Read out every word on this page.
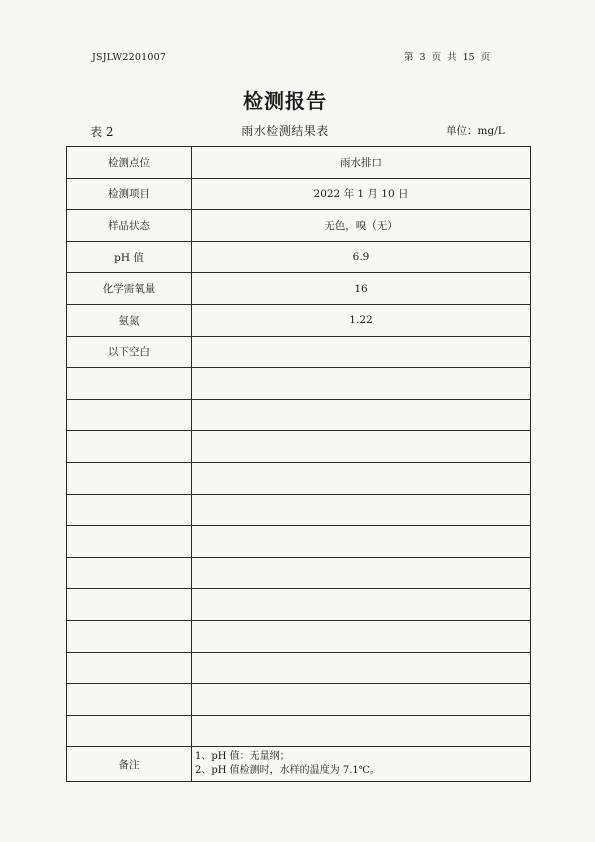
JSJLW2201007	第 3 页 共 15 页
检测报告
表 2	雨水检测结果表	单位：mg/L
检测点位	雨水排口
检测项目	2022 年 1 月 10 日
样品状态	无色，嗅（无）
pH 值	6.9
化学需氧量	16
氨氮	1.22
以下空白	

备注	1、pH 值：无量纲；
2、pH 值检测时，水样的温度为 7.1℃。
